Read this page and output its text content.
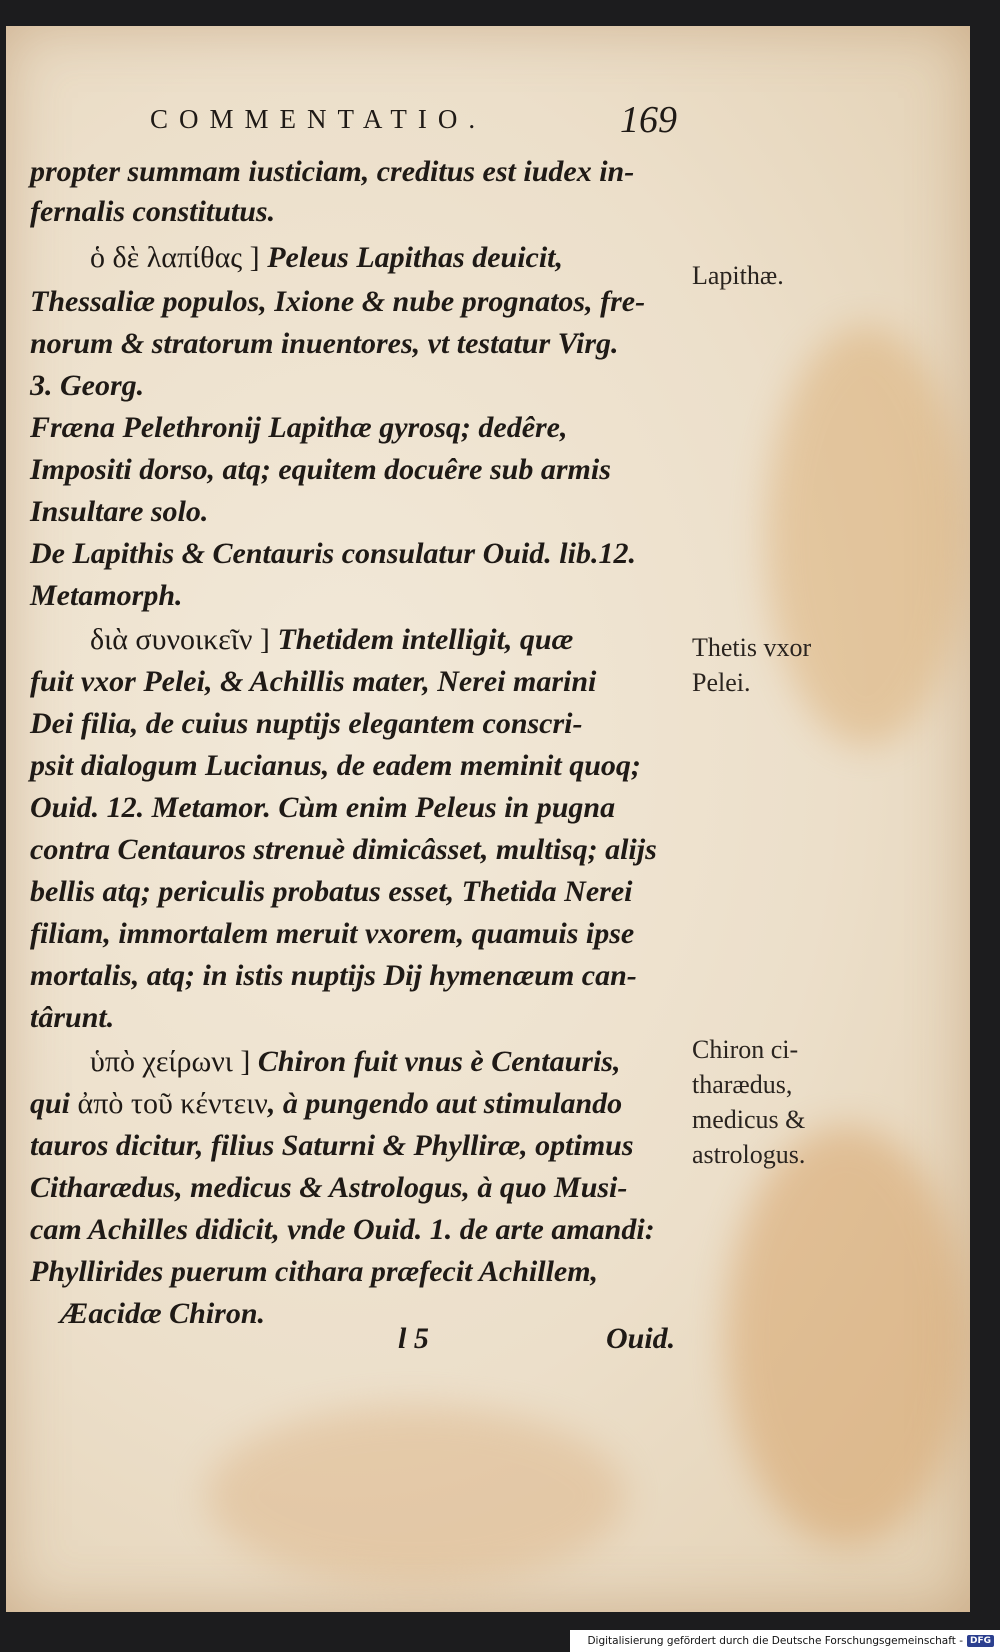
COMMENTATIO.	169
propter summam iusticiam, creditus est iudex in-
fernalis constitutus.
ὁ δὲ λαπίθας ] Peleus Lapithas deuicit,
Thessaliæ populos, Ixione & nube prognatos, fre-
norum & stratorum inuentores, vt testatur Virg.
3. Georg.
Fræna Pelethronij Lapithæ gyrosq; dedêre,
Impositi dorso, atq; equitem docuêre sub armis
Insultare solo.
De Lapithis & Centauris consulatur Ouid. lib.12.
Metamorph.
διὰ συνοικεῖν ] Thetidem intelligit, quæ
fuit vxor Pelei, & Achillis mater, Nerei marini
Dei filia, de cuius nuptijs elegantem conscri-
psit dialogum Lucianus, de eadem meminit quoq;
Ouid. 12. Metamor. Cùm enim Peleus in pugna
contra Centauros strenuè dimicâsset, multisq; alijs
bellis atq; periculis probatus esset, Thetida Nerei
filiam, immortalem meruit vxorem, quamuis ipse
mortalis, atq; in istis nuptijs Dij hymenæum can-
târunt.
ὑπὸ χείρωνι ] Chiron fuit vnus è Centauris,
qui ἀπὸ τοῦ κέντειν, à pungendo aut stimulando
tauros dicitur, filius Saturni & Phylliræ, optimus
Citharædus, medicus & Astrologus, à quo Musi-
cam Achilles didicit, vnde Ouid. 1. de arte amandi:
Phyllirides puerum cithara præfecit Achillem,
Æacidæ Chiron.
Lapithæ.
Thetis vxor
Pelei.
Chiron ci-
tharædus,
medicus &
astrologus.
l 5	Ouid.
Digitalisierung gefördert durch die Deutsche Forschungsgemeinschaft - DFG
